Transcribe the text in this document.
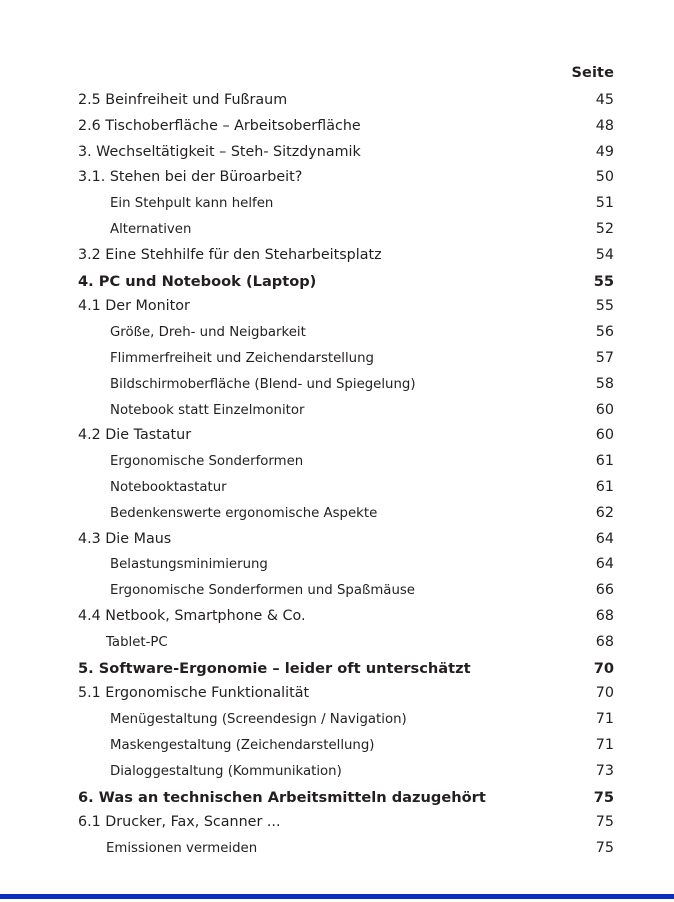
Seite
45
2.5 Beinfreiheit und Fußraum
48
2.6 Tischoberfläche – Arbeitsoberfläche
49
3. Wechseltätigkeit – Steh- Sitzdynamik
50
3.1. Stehen bei der Büroarbeit?
51
Ein Stehpult kann helfen
52
Alternativen
54
3.2 Eine Stehhilfe für den Steharbeitsplatz
55
4. PC und Notebook (Laptop)
55
4.1 Der Monitor
56
Größe, Dreh- und Neigbarkeit
57
Flimmerfreiheit und Zeichendarstellung
58
Bildschirmoberfläche (Blend- und Spiegelung)
60
Notebook statt Einzelmonitor
60
4.2 Die Tastatur
61
Ergonomische Sonderformen
61
Notebooktastatur
62
Bedenkenswerte ergonomische Aspekte
64
4.3 Die Maus
64
Belastungsminimierung
66
Ergonomische Sonderformen und Spaßmäuse
68
4.4 Netbook, Smartphone & Co.
68
Tablet-PC
70
5. Software-Ergonomie – leider oft unterschätzt
70
5.1 Ergonomische Funktionalität
71
Menügestaltung (Screendesign / Navigation)
71
Maskengestaltung (Zeichendarstellung)
73
Dialoggestaltung (Kommunikation)
75
6. Was an technischen Arbeitsmitteln dazugehört
75
6.1 Drucker, Fax, Scanner ...
75
Emissionen vermeiden
